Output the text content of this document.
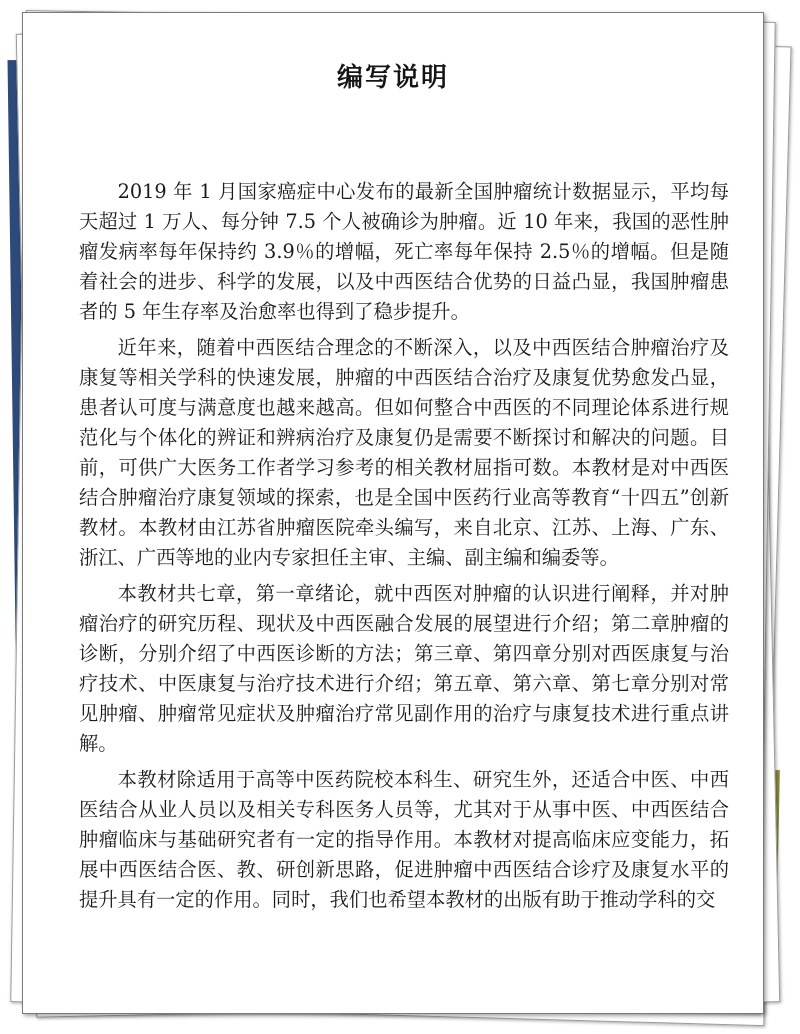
编写说明

2019 年 1 月国家癌症中心发布的最新全国肿瘤统计数据显示，平均每天超过 1 万人、每分钟 7.5 个人被确诊为肿瘤。近 10 年来，我国的恶性肿瘤发病率每年保持约 3.9％的增幅，死亡率每年保持 2.5％的增幅。但是随着社会的进步、科学的发展，以及中西医结合优势的日益凸显，我国肿瘤患者的 5 年生存率及治愈率也得到了稳步提升。

近年来，随着中西医结合理念的不断深入，以及中西医结合肿瘤治疗及康复等相关学科的快速发展，肿瘤的中西医结合治疗及康复优势愈发凸显，患者认可度与满意度也越来越高。但如何整合中西医的不同理论体系进行规范化与个体化的辨证和辨病治疗及康复仍是需要不断探讨和解决的问题。目前，可供广大医务工作者学习参考的相关教材屈指可数。本教材是对中西医结合肿瘤治疗康复领域的探索，也是全国中医药行业高等教育“十四五”创新教材。本教材由江苏省肿瘤医院牵头编写，来自北京、江苏、上海、广东、浙江、广西等地的业内专家担任主审、主编、副主编和编委等。

本教材共七章，第一章绪论，就中西医对肿瘤的认识进行阐释，并对肿瘤治疗的研究历程、现状及中西医融合发展的展望进行介绍；第二章肿瘤的诊断，分别介绍了中西医诊断的方法；第三章、第四章分别对西医康复与治疗技术、中医康复与治疗技术进行介绍；第五章、第六章、第七章分别对常见肿瘤、肿瘤常见症状及肿瘤治疗常见副作用的治疗与康复技术进行重点讲解。

本教材除适用于高等中医药院校本科生、研究生外，还适合中医、中西医结合从业人员以及相关专科医务人员等，尤其对于从事中医、中西医结合肿瘤临床与基础研究者有一定的指导作用。本教材对提高临床应变能力，拓展中西医结合医、教、研创新思路，促进肿瘤中西医结合诊疗及康复水平的提升具有一定的作用。同时，我们也希望本教材的出版有助于推动学科的交
